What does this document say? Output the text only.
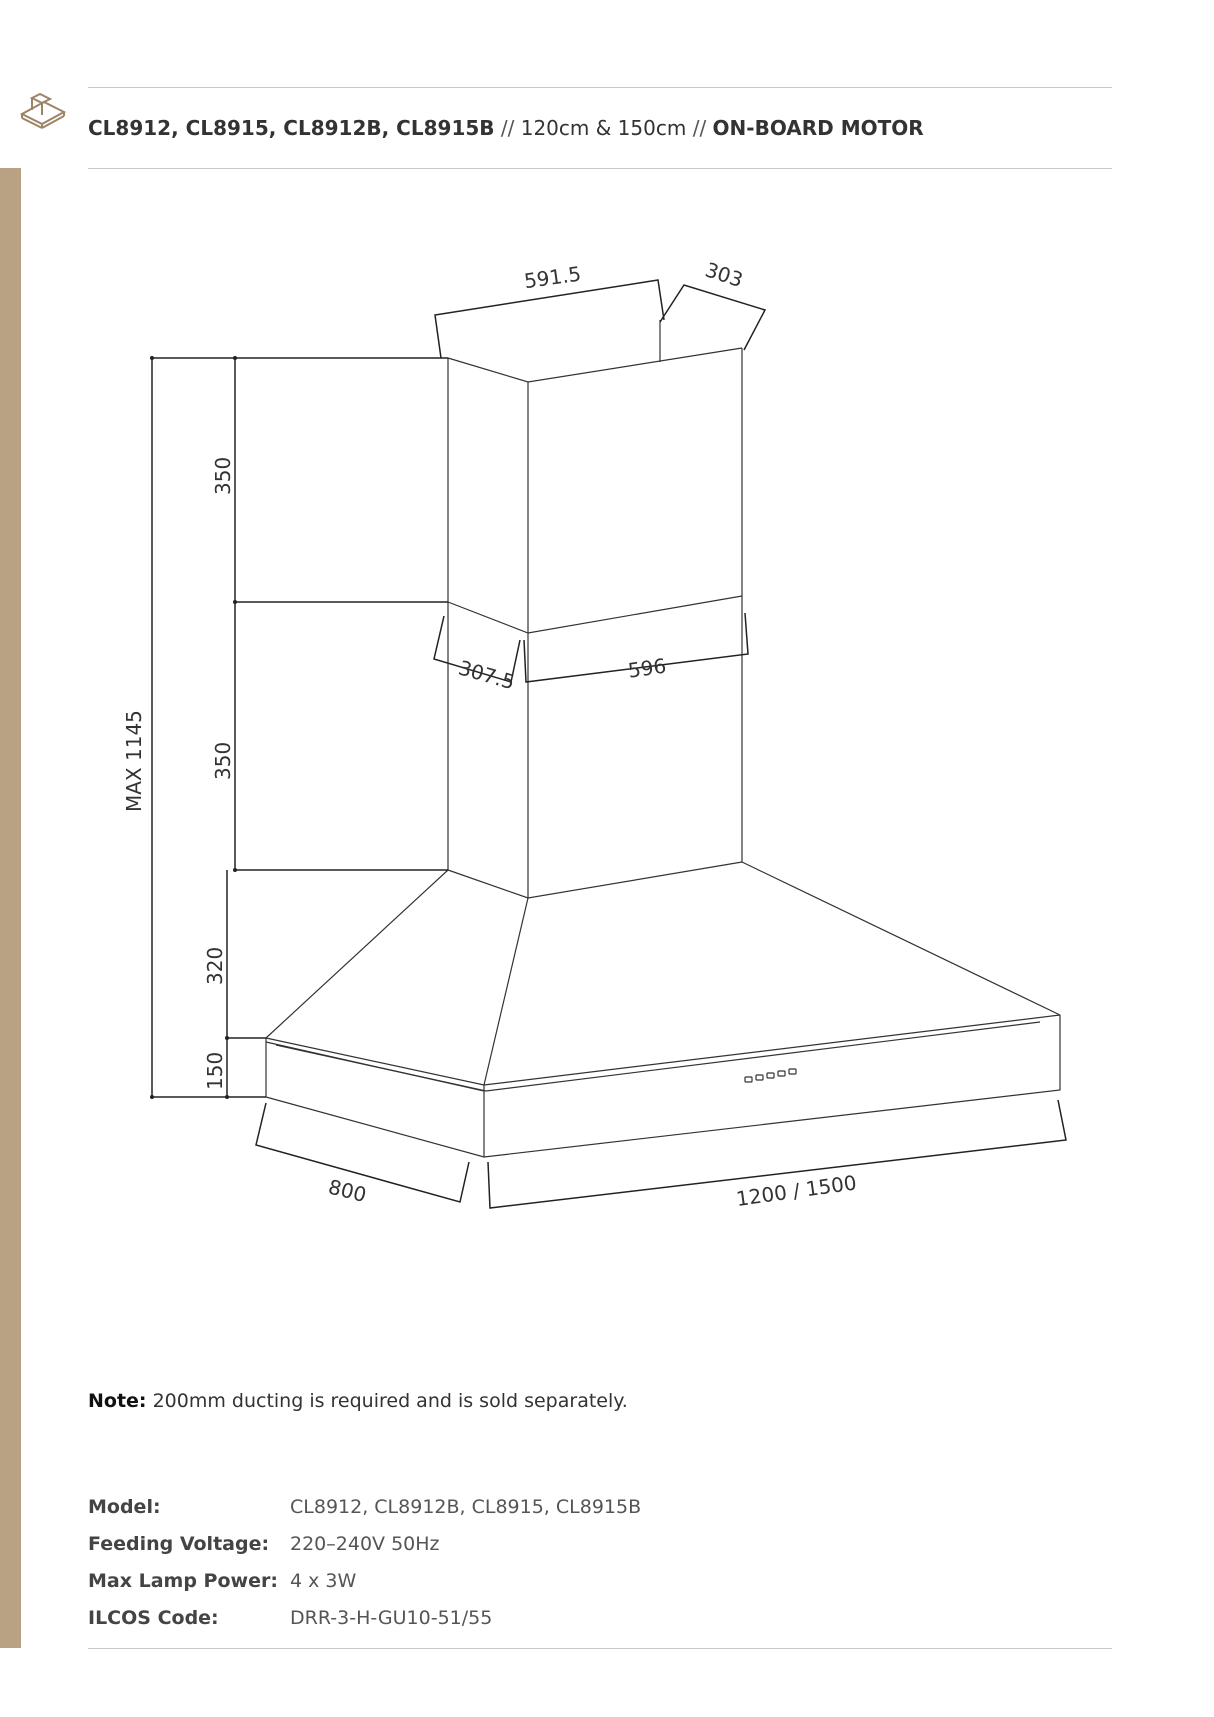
CL8912, CL8915, CL8912B, CL8915B // 120cm & 150cm // ON-BOARD MOTOR
591.5	303
307.5	596
350
350
320
150
MAX 1145
800	1200 / 1500
Note: 200mm ducting is required and is sold separately.
Model:	CL8912, CL8912B, CL8915, CL8915B
Feeding Voltage:	220–240V 50Hz
Max Lamp Power: 4 x 3W
ILCOS Code:	DRR-3-H-GU10-51/55
